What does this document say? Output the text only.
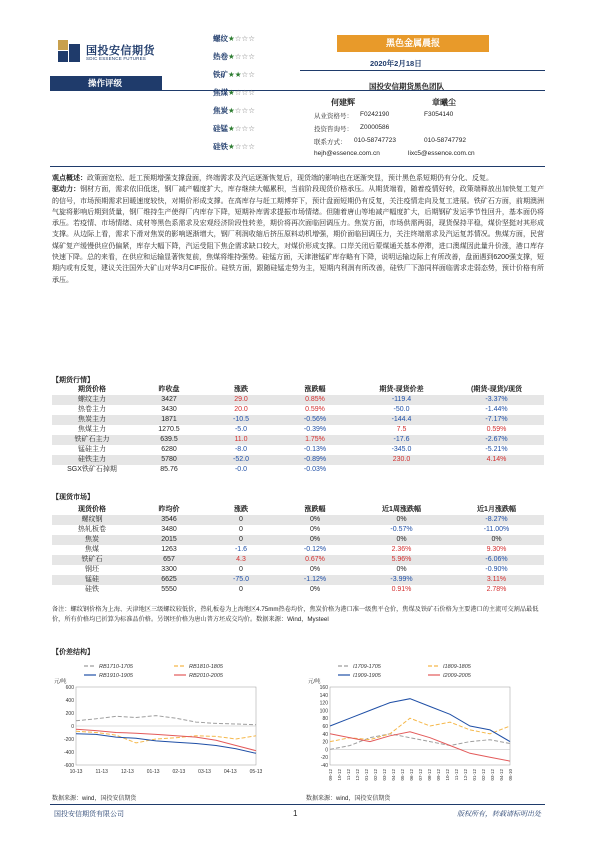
国投安信期货
SDIC ESSENCE FUTURES
操作评级
螺纹★☆☆☆
热卷★☆☆☆
铁矿★★☆☆
焦煤★☆☆☆
焦炭★☆☆☆
硅锰★☆☆☆
硅铁★☆☆☆
黑色金属晨报
2020年2月18日
国投安信期货黑色团队
何建辉	章曦尘
从业资格号： F0242190	F3054140
投资咨询号： Z0000586
联系方式： 010-58747723	010-58747792
hejh@essence.com.cn	lixc5@essence.com.cn

观点概述：政策面宽松、赶工预期增强支撑盘面，终端需求及汽运逐渐恢复后，现货端的影响也在逐渐突显，预计黑色系短期仍有分化、反复。

驱动力：钢材方面，需求依旧低迷，钢厂减产幅度扩大，库存继续大幅累积，当前阶段现货价格承压。从期货端看，随着疫情好转，政策端释放出加快复工复产的信号，市场预期需求回暖速度较快，对期价形成支撑。在高库存与赶工期博弈下，预计盘面短期仍有反复，关注疫情走向及复工进展。铁矿石方面，前期澳洲气旋将影响后期到货量，钢厂维持生产使得厂内库存下降，短期补库需求提振市场情绪。但随着唐山等地减产幅度扩大，后期钢矿发运季节性回升，基本面仍将承压。若疫情、市场情绪、成材等黑色系需求及宏观经济阶段性转差，期价将再次面临回调压力。焦炭方面，市场供需两弱，现货保持平稳，煤价坚挺对其形成支撑。从边际上看，需求下滑对焦炭的影响逐渐增大，钢厂利润收缩后挤压原料动机增强，期价面临回调压力，关注终端需求及汽运复苏情况。焦煤方面，民营煤矿复产缓慢供应仍偏紧，库存大幅下降，汽运受阻下焦企需求缺口较大，对煤价形成支撑。口岸关闭后蒙煤通关基本停滞，进口澳煤因此量升价涨，港口库存快速下降。总的来看，在供应和运输显著恢复前，焦煤将维持强势。硅锰方面，天津港锰矿库存略有下降，说明运输边际上有所改善，盘面遇到6200强支撑，短期内或有反复，建议关注国外大矿山对华3月CIF报价。硅铁方面，跟随硅锰走势为主，短期内利润有所改善，硅铁厂下游同样面临需求走弱态势，预计价格有所承压。

【期货行情】
期货价格	昨收盘	涨跌	涨跌幅	期货-现货价差	(期货-现货)/现货
螺纹主力	3427	29.0	0.85%	-119.4	-3.37%
热卷主力	3430	20.0	0.59%	-50.0	-1.44%
焦炭主力	1871	-10.5	-0.56%	-144.4	-7.17%
焦煤主力	1270.5	-5.0	-0.39%	7.5	0.59%
铁矿石主力	639.5	11.0	1.75%	-17.6	-2.67%
锰硅主力	6280	-8.0	-0.13%	-345.0	-5.21%
硅铁主力	5780	-52.0	-0.89%	230.0	4.14%
SGX铁矿石掉期	85.76	-0.0	-0.03%		
【现货市场】
现货价格	昨均价	涨跌	涨跌幅	近1周涨跌幅	近1月涨跌幅
螺纹钢	3546	0	0%	0%	-8.27%
热轧板卷	3480	0	0%	-0.57%	-11.00%
焦炭	2015	0	0%	0%	0%
焦煤	1263	-1.6	-0.12%	2.36%	9.30%
铁矿石	657	4.3	0.67%	5.96%	-6.06%
钢坯	3300	0	0%	0%	-0.90%
锰硅	6625	-75.0	-1.12%	-3.99%	3.11%
硅铁	5550	0	0%	0.91%	2.78%
备注：螺纹钢价格为上海、天津地区三级螺纹较低价，热轧板卷为上海地区4.75mm热卷均价，焦炭价格为港口准一级焦平仓价，焦煤及铁矿石价格为主要港口的主流可交割品最低价，所有价格均已折算为标准品价格。另钢坯价格为唐山普方坯成交均价。数据来源：Wind，Mysteel
【价差结构】
元/吨
600
400
200
0
-200
-400
-600
10-13	11-13	12-13	01-13	02-13	03-13	04-13	05-13
RB1710-1705	RB1810-1805
RB1910-1905	RB2010-2005
元/吨
160
140
120
100
80
60
40
20
0
-20
-40
09-12 10-12 11-12 12-12 01-12 02-12 03-12 04-12 05-12 06-12 07-12 08-12 09-12 10-12 11-12 12-12 01-12 02-12 03-12 04-12 05-10
I1709-1705	I1809-1805
I1909-1905	I2009-2005
数据来源：wind，国投安信期货	数据来源：wind，国投安信期货
国投安信期货有限公司	1	版权所有，转载请标明出处
